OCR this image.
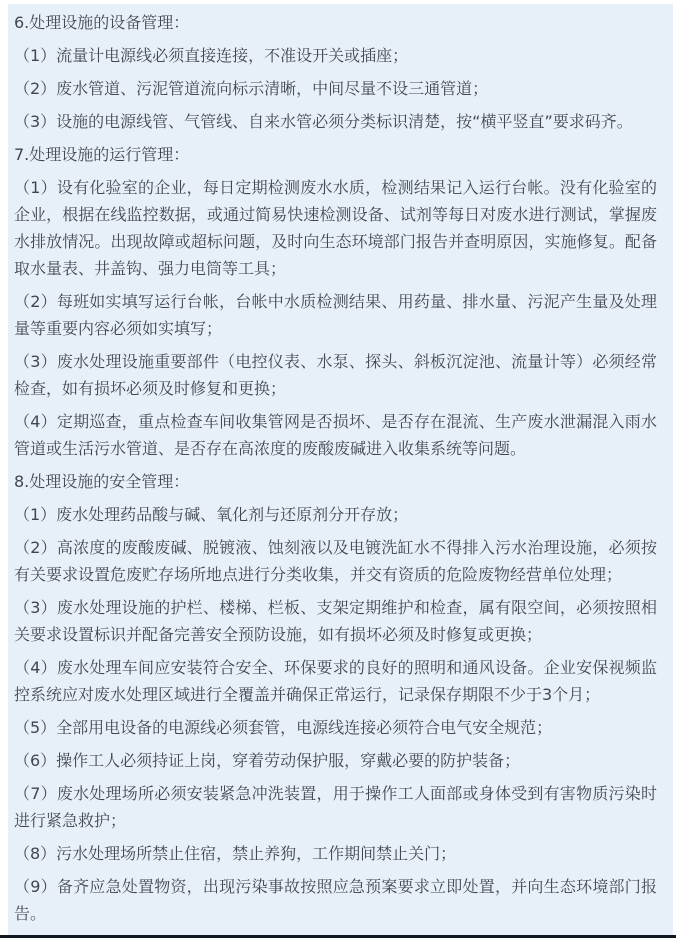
6.处理设施的设备管理：

（1）流量计电源线必须直接连接，不准设开关或插座；

（2）废水管道、污泥管道流向标示清晰，中间尽量不设三通管道；

（3）设施的电源线管、气管线、自来水管必须分类标识清楚，按“横平竖直”要求码齐。

7.处理设施的运行管理：

（1）设有化验室的企业，每日定期检测废水水质，检测结果记入运行台帐。没有化验室的企业，根据在线监控数据，或通过简易快速检测设备、试剂等每日对废水进行测试，掌握废水排放情况。出现故障或超标问题，及时向生态环境部门报告并查明原因，实施修复。配备取水量表、井盖钩、强力电筒等工具；

（2）每班如实填写运行台帐，台帐中水质检测结果、用药量、排水量、污泥产生量及处理量等重要内容必须如实填写；

（3）废水处理设施重要部件（电控仪表、水泵、探头、斜板沉淀池、流量计等）必须经常检查，如有损坏必须及时修复和更换；

（4）定期巡查，重点检查车间收集管网是否损坏、是否存在混流、生产废水泄漏混入雨水管道或生活污水管道、是否存在高浓度的废酸废碱进入收集系统等问题。

8.处理设施的安全管理：

（1）废水处理药品酸与碱、氧化剂与还原剂分开存放；

（2）高浓度的废酸废碱、脱镀液、蚀刻液以及电镀洗缸水不得排入污水治理设施，必须按有关要求设置危废贮存场所地点进行分类收集，并交有资质的危险废物经营单位处理；

（3）废水处理设施的护栏、楼梯、栏板、支架定期维护和检查，属有限空间，必须按照相关要求设置标识并配备完善安全预防设施，如有损坏必须及时修复或更换；

（4）废水处理车间应安装符合安全、环保要求的良好的照明和通风设备。企业安保视频监控系统应对废水处理区域进行全覆盖并确保正常运行，记录保存期限不少于3个月；

（5）全部用电设备的电源线必须套管，电源线连接必须符合电气安全规范；

（6）操作工人必须持证上岗，穿着劳动保护服，穿戴必要的防护装备；

（7）废水处理场所必须安装紧急冲洗装置，用于操作工人面部或身体受到有害物质污染时进行紧急救护；

（8）污水处理场所禁止住宿，禁止养狗，工作期间禁止关门；

（9）备齐应急处置物资，出现污染事故按照应急预案要求立即处置，并向生态环境部门报告。
